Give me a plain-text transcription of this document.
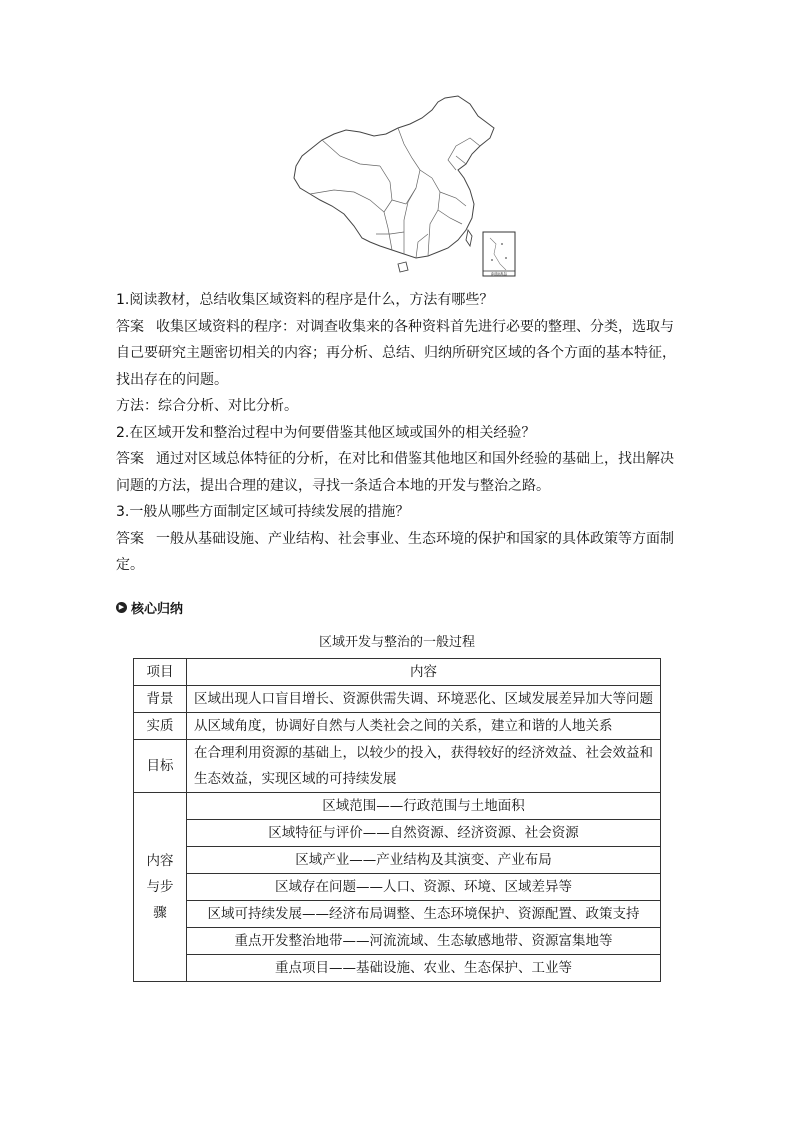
南海诸岛

1.阅读教材，总结收集区域资料的程序是什么，方法有哪些？

答案 收集区域资料的程序：对调查收集来的各种资料首先进行必要的整理、分类，选取与自己要研究主题密切相关的内容；再分析、总结、归纳所研究区域的各个方面的基本特征，找出存在的问题。

方法：综合分析、对比分析。

2.在区域开发和整治过程中为何要借鉴其他区域或国外的相关经验？

答案 通过对区域总体特征的分析，在对比和借鉴其他地区和国外经验的基础上，找出解决问题的方法，提出合理的建议，寻找一条适合本地的开发与整治之路。

3.一般从哪些方面制定区域可持续发展的措施？

答案 一般从基础设施、产业结构、社会事业、生态环境的保护和国家的具体政策等方面制定。

▶ 核心归纳
区域开发与整治的一般过程
项目	内容
背景	区域出现人口盲目增长、资源供需失调、环境恶化、区域发展差异加大等问题
实质	从区域角度，协调好自然与人类社会之间的关系，建立和谐的人地关系
目标	在合理利用资源的基础上，以较少的投入，获得较好的经济效益、社会效益和生态效益，实现区域的可持续发展
内容与步骤	区域范围——行政范围与土地面积
	区域特征与评价——自然资源、经济资源、社会资源
	区域产业——产业结构及其演变、产业布局
	区域存在问题——人口、资源、环境、区域差异等
	区域可持续发展——经济布局调整、生态环境保护、资源配置、政策支持
	重点开发整治地带——河流流域、生态敏感地带、资源富集地等
	重点项目——基础设施、农业、生态保护、工业等
